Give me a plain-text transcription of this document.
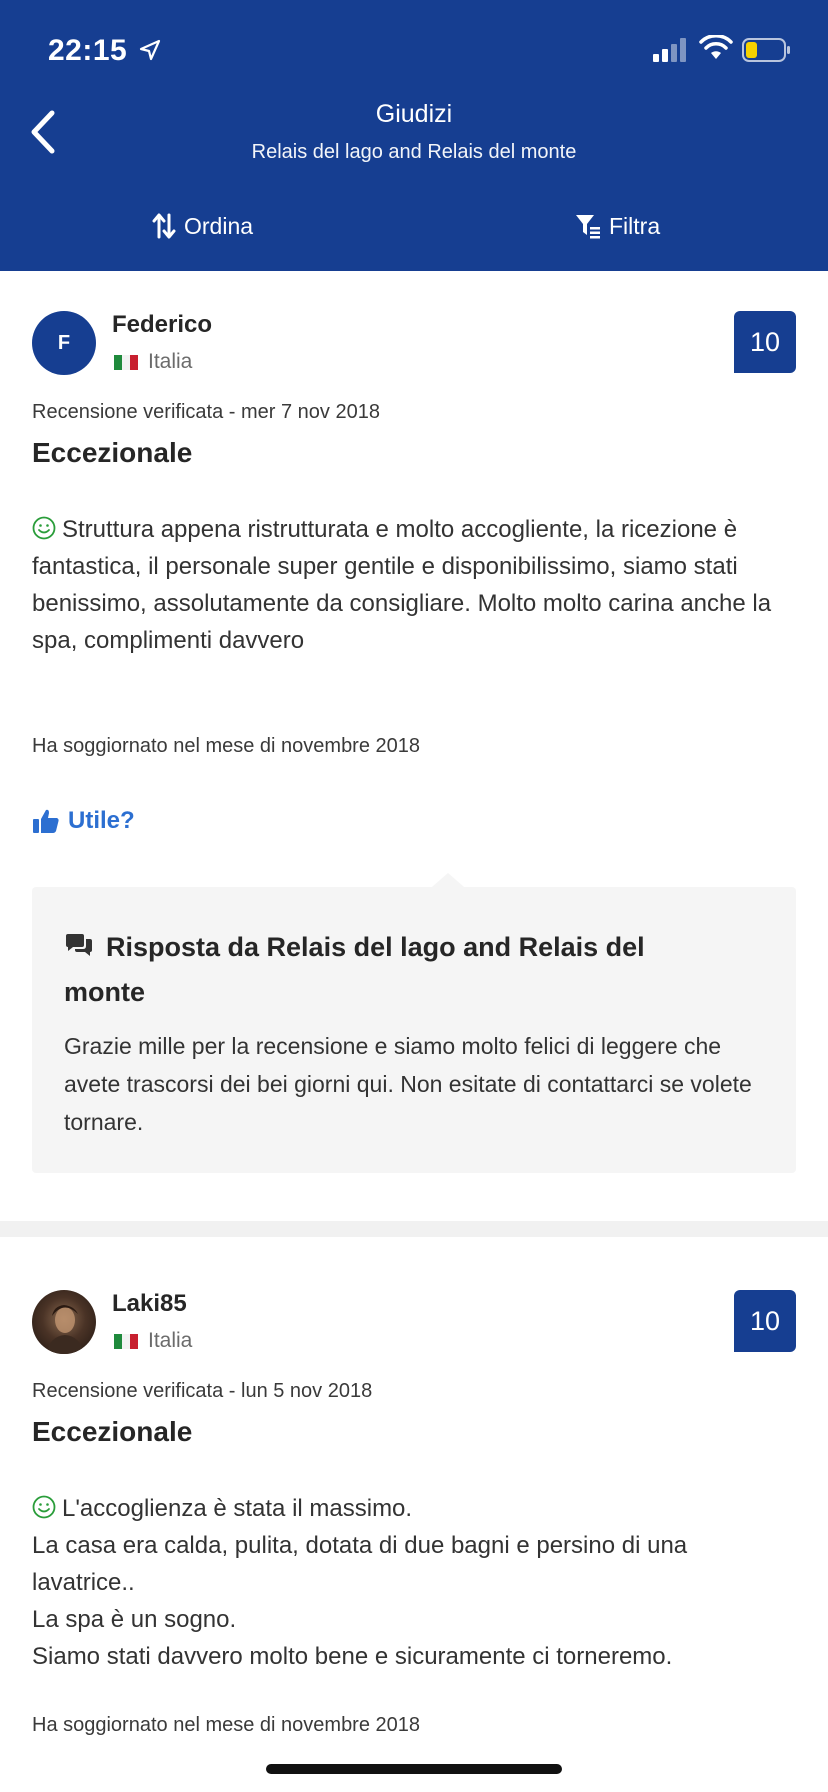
22:15
Giudizi
Relais del lago and Relais del monte
Ordina	Filtra
F
Federico
Italia
10
Recensione verificata - mer 7 nov 2018
Eccezionale
Struttura appena ristrutturata e molto accogliente, la ricezione è fantastica, il personale super gentile e disponibilissimo, siamo stati benissimo, assolutamente da consigliare. Molto molto carina anche la spa, complimenti davvero
Ha soggiornato nel mese di novembre 2018
Utile?
Risposta da Relais del lago and Relais del monte
Grazie mille per la recensione e siamo molto felici di leggere che avete trascorsi dei bei giorni qui. Non esitate di contattarci se volete tornare.
Laki85
Italia
10
Recensione verificata - lun 5 nov 2018
Eccezionale
L'accoglienza è stata il massimo.
La casa era calda, pulita, dotata di due bagni e persino di una lavatrice..
La spa è un sogno.
Siamo stati davvero molto bene e sicuramente ci torneremo.
Ha soggiornato nel mese di novembre 2018
